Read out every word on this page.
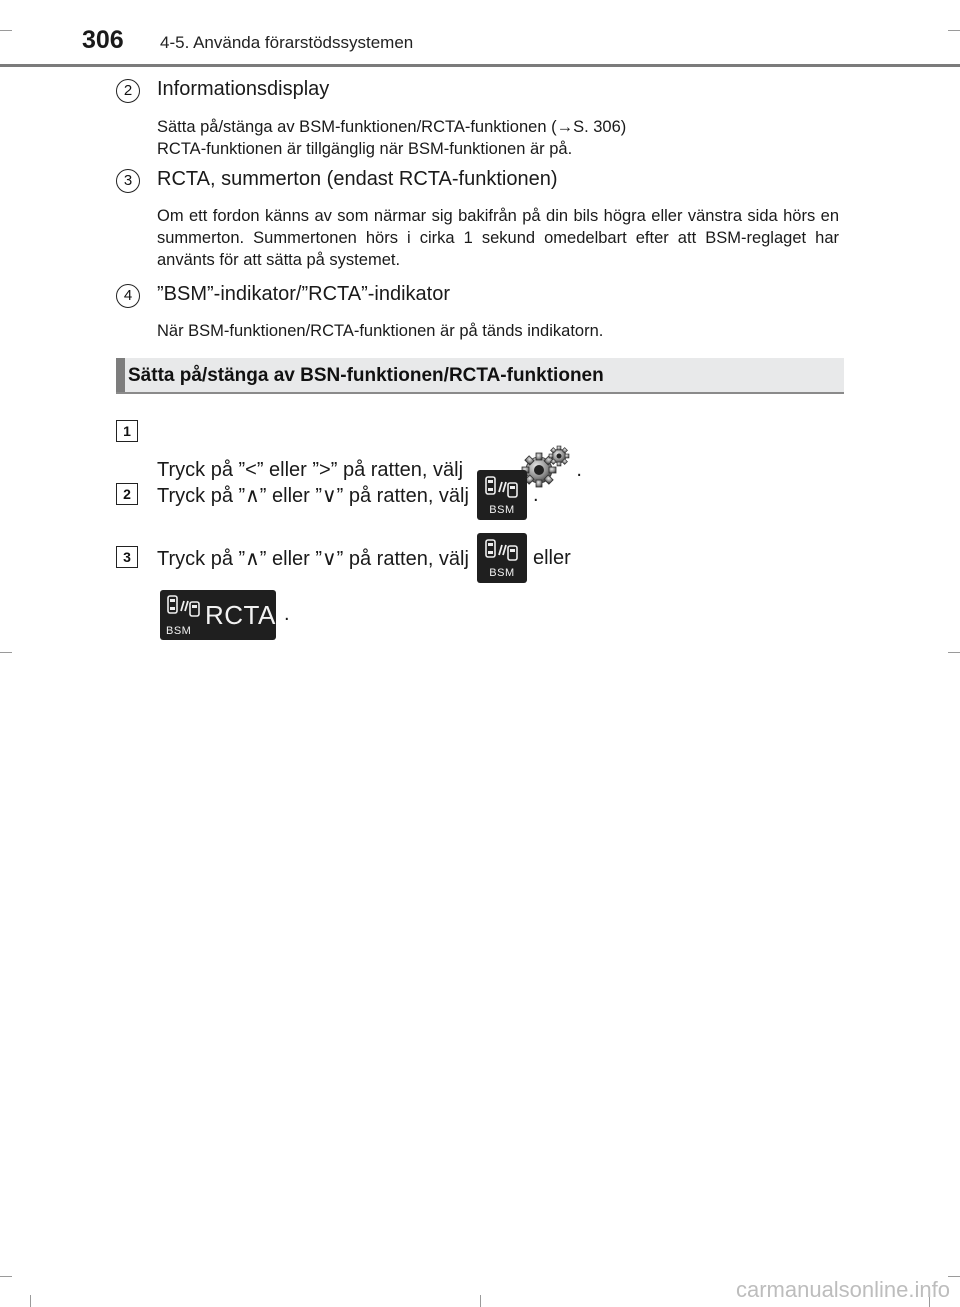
306 4-5. Använda förarstödssystemen
2	Informationsdisplay

Sätta på/stänga av BSM-funktionen/RCTA-funktionen (→S. 306)

RCTA-funktionen är tillgänglig när BSM-funktionen är på.

3	RCTA, summerton (endast RCTA-funktionen)

Om ett fordon känns av som närmar sig bakifrån på din bils högra eller vänstra sida hörs en summerton. Summertonen hörs i cirka 1 sekund omedelbart efter att BSM-reglaget har använts för att sätta på systemet.

4	”BSM”-indikator/”RCTA”-indikator

När BSM-funktionen/RCTA-funktionen är på tänds indikatorn.

Sätta på/stänga av BSN-funktionen/RCTA-funktionen
1
Tryck på ”<” eller ”>” på ratten, välj

	.
2	Tryck på ”∧” eller ”∨” på ratten, välj

BSM

.
3	Tryck på ”∧” eller ”∨” på ratten, välj

BSM

eller
BSM
RCTA .
carmanualsonline.info
